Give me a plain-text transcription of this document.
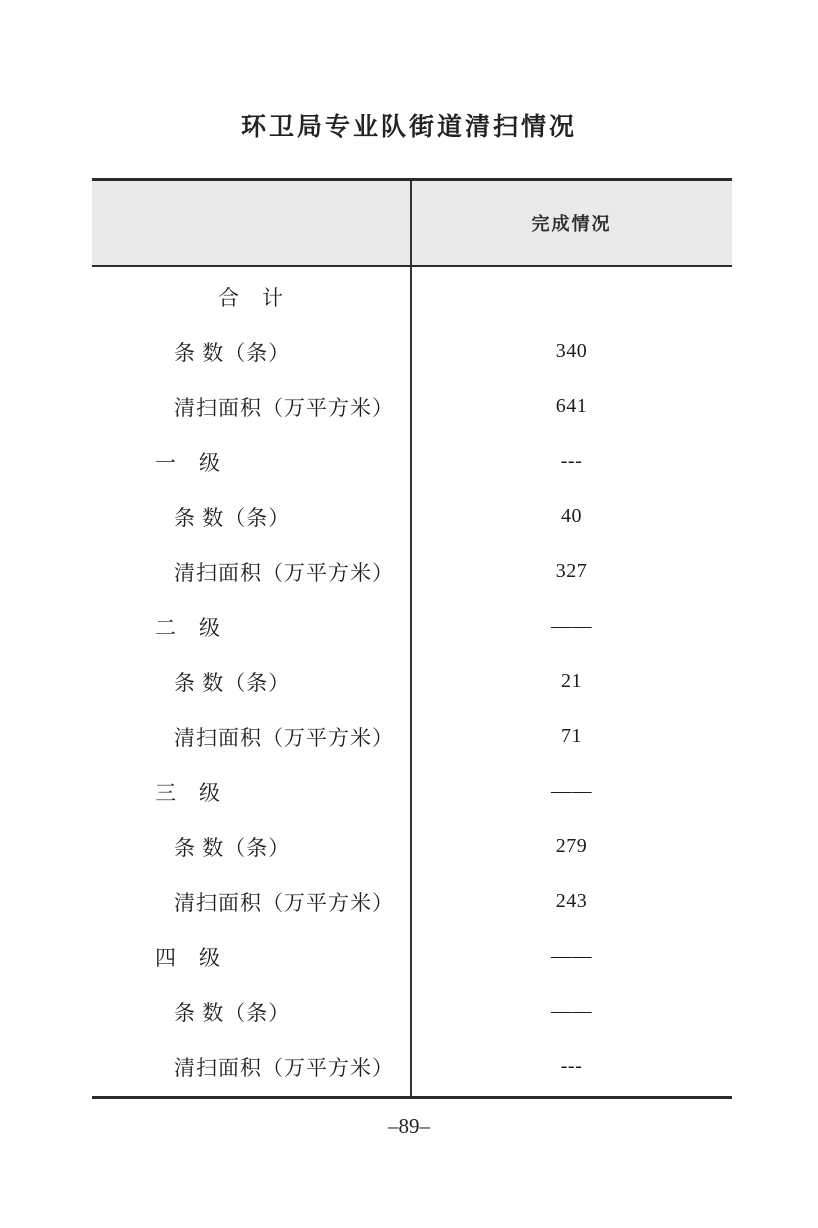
环卫局专业队街道清扫情况
完成情况
合　计
条 数（条）	340
清扫面积（万平方米）	641
一　级	---
条 数（条）	40
清扫面积（万平方米）	327
二　级	——
条 数（条）	21
清扫面积（万平方米）	71
三　级	——
条 数（条）	279
清扫面积（万平方米）	243
四　级	——
条 数（条）	——
清扫面积（万平方米）	---
–89–
